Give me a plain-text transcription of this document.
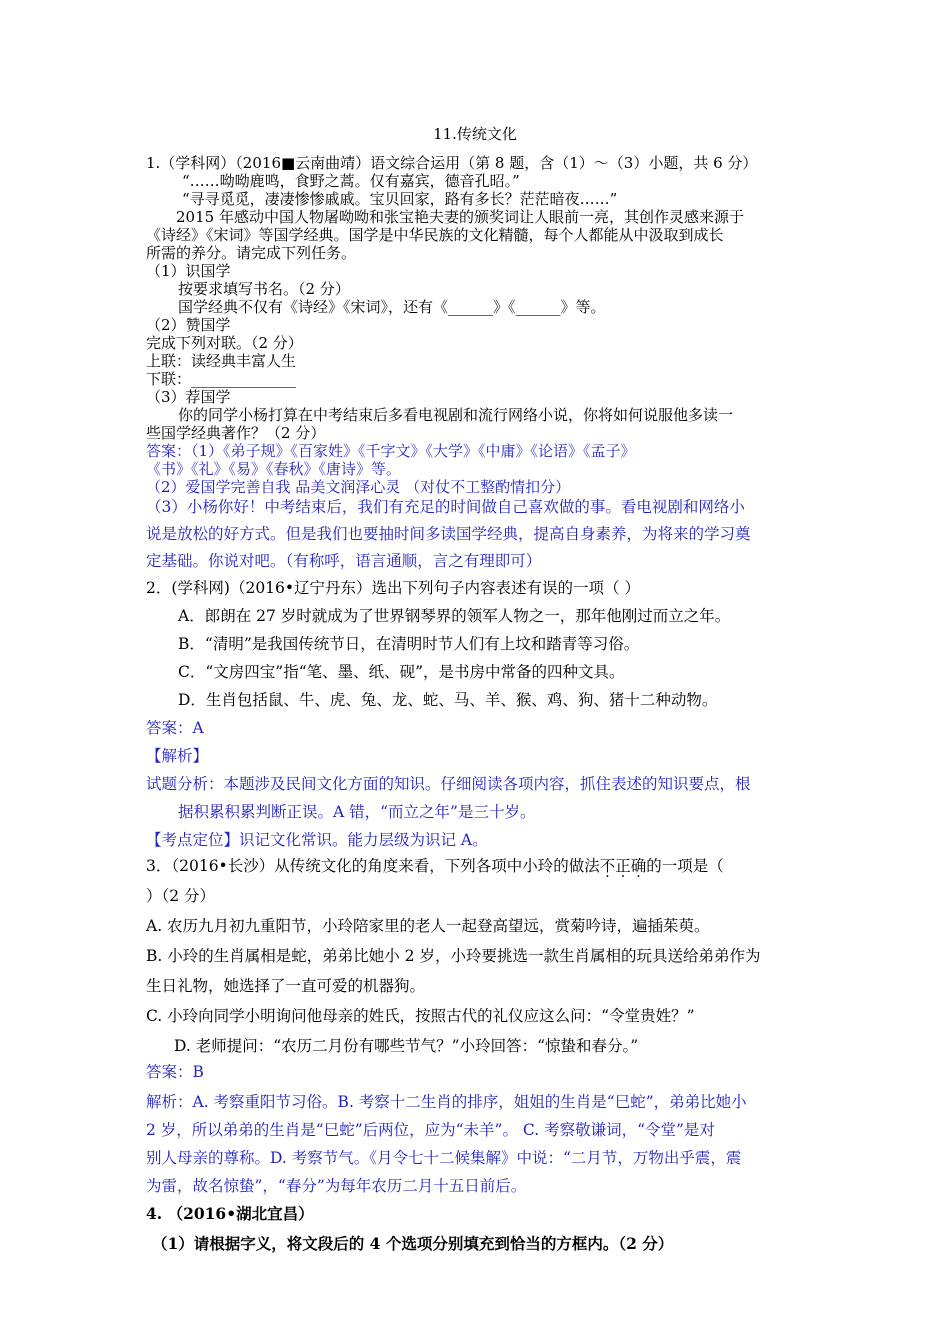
11.传统文化
1.（学科网）（2016■云南曲靖）语文综合运用（第 8 题，含（1）～（3）小题，共 6 分）
“……呦呦鹿鸣，食野之蒿。仅有嘉宾，德音孔昭。”
“寻寻觅觅，凄凄惨惨戚戚。宝贝回家，路有多长？茫茫暗夜……”
2015 年感动中国人物屠呦呦和张宝艳夫妻的颁奖词让人眼前一亮，其创作灵感来源于
《诗经》《宋词》等国学经典。国学是中华民族的文化精髓，每个人都能从中汲取到成长
所需的养分。请完成下列任务。
（1）识国学
按要求填写书名。（2 分）
国学经典不仅有《诗经》《宋词》，还有《______》《______》等。
（2）赞国学
完成下列对联。（2 分）
上联：读经典丰富人生
下联：______________
（3）荐国学
你的同学小杨打算在中考结束后多看电视剧和流行网络小说，你将如何说服他多读一
些国学经典著作？（2 分）
答案：（1）《弟子规》《百家姓》《千字文》《大学》《中庸》《论语》《孟子》
《书》《礼》《易》《春秋》《唐诗》等。
（2）爱国学完善自我 品美文润泽心灵 （对仗不工整酌情扣分）
（3）小杨你好！中考结束后，我们有充足的时间做自己喜欢做的事。看电视剧和网络小
说是放松的好方式。但是我们也要抽时间多读国学经典，提高自身素养，为将来的学习奠
定基础。你说对吧。（有称呼，语言通顺，言之有理即可）
2．(学科网)（2016•辽宁丹东）选出下列句子内容表述有误的一项（ ）
A．郎朗在 27 岁时就成为了世界钢琴界的领军人物之一，那年他刚过而立之年。
B．“清明”是我国传统节日，在清明时节人们有上坟和踏青等习俗。
C．“文房四宝”指“笔、墨、纸、砚”，是书房中常备的四种文具。
D．生肖包括鼠、牛、虎、兔、龙、蛇、马、羊、猴、鸡、狗、猪十二种动物。
答案：A
【解析】
试题分析：本题涉及民间文化方面的知识。仔细阅读各项内容，抓住表述的知识要点，根
据积累积累判断正误。A 错，“而立之年”是三十岁。
【考点定位】识记文化常识。能力层级为识记 A。
3．（2016•长沙）从传统文化的角度来看，下列各项中小玲的做法不正确的一项是（
）（2 分）
A. 农历九月初九重阳节，小玲陪家里的老人一起登高望远，赏菊吟诗，遍插茱萸。
B. 小玲的生肖属相是蛇，弟弟比她小 2 岁，小玲要挑选一款生肖属相的玩具送给弟弟作为
生日礼物，她选择了一直可爱的机器狗。
C. 小玲向同学小明询问他母亲的姓氏，按照古代的礼仪应这么问：“令堂贵姓？”
D. 老师提问：“农历二月份有哪些节气？”小玲回答：“惊蛰和春分。”
答案：B
解析：A. 考察重阳节习俗。B. 考察十二生肖的排序，姐姐的生肖是“巳蛇”，弟弟比她小
2 岁，所以弟弟的生肖是“巳蛇”后两位，应为“未羊”。 C. 考察敬谦词，“令堂”是对
别人母亲的尊称。D. 考察节气。《月令七十二候集解》中说：“二月节，万物出乎震，震
为雷，故名惊蛰”，“春分”为每年农历二月十五日前后。
4. （2016•湖北宜昌）
（1）请根据字义，将文段后的 4 个选项分别填充到恰当的方框内。（2 分）
